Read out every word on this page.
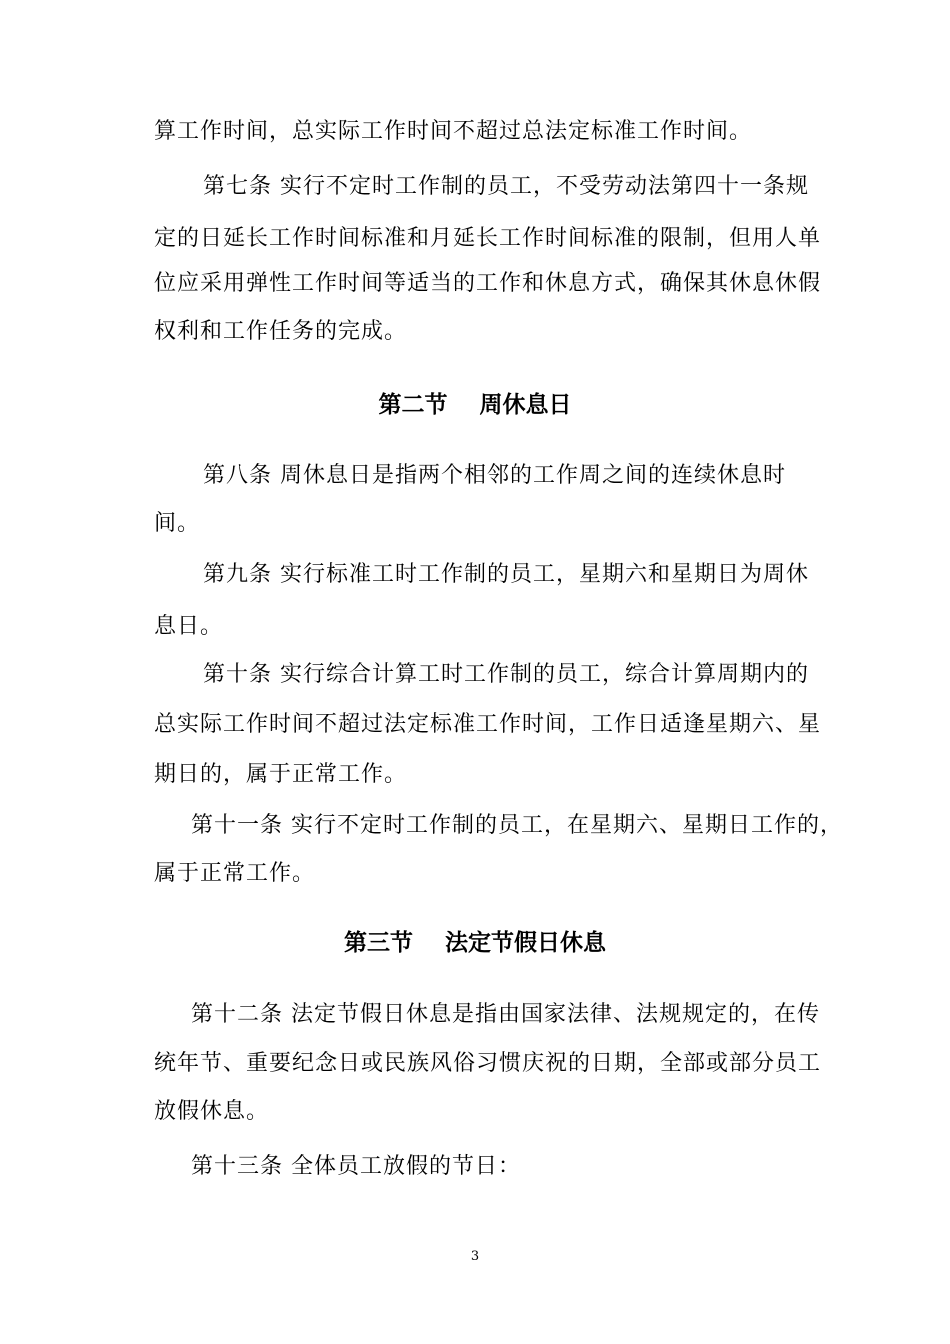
算工作时间，总实际工作时间不超过总法定标准工作时间。
第七条 实行不定时工作制的员工，不受劳动法第四十一条规
定的日延长工作时间标准和月延长工作时间标准的限制，但用人单
位应采用弹性工作时间等适当的工作和休息方式，确保其休息休假
权利和工作任务的完成。
第二节    周休息日
第八条 周休息日是指两个相邻的工作周之间的连续休息时
间。
第九条 实行标准工时工作制的员工，星期六和星期日为周休
息日。
第十条 实行综合计算工时工作制的员工，综合计算周期内的
总实际工作时间不超过法定标准工作时间，工作日适逢星期六、星
期日的，属于正常工作。
第十一条 实行不定时工作制的员工，在星期六、星期日工作的，
属于正常工作。
第三节    法定节假日休息
第十二条 法定节假日休息是指由国家法律、法规规定的，在传
统年节、重要纪念日或民族风俗习惯庆祝的日期，全部或部分员工
放假休息。
第十三条 全体员工放假的节日：
3
